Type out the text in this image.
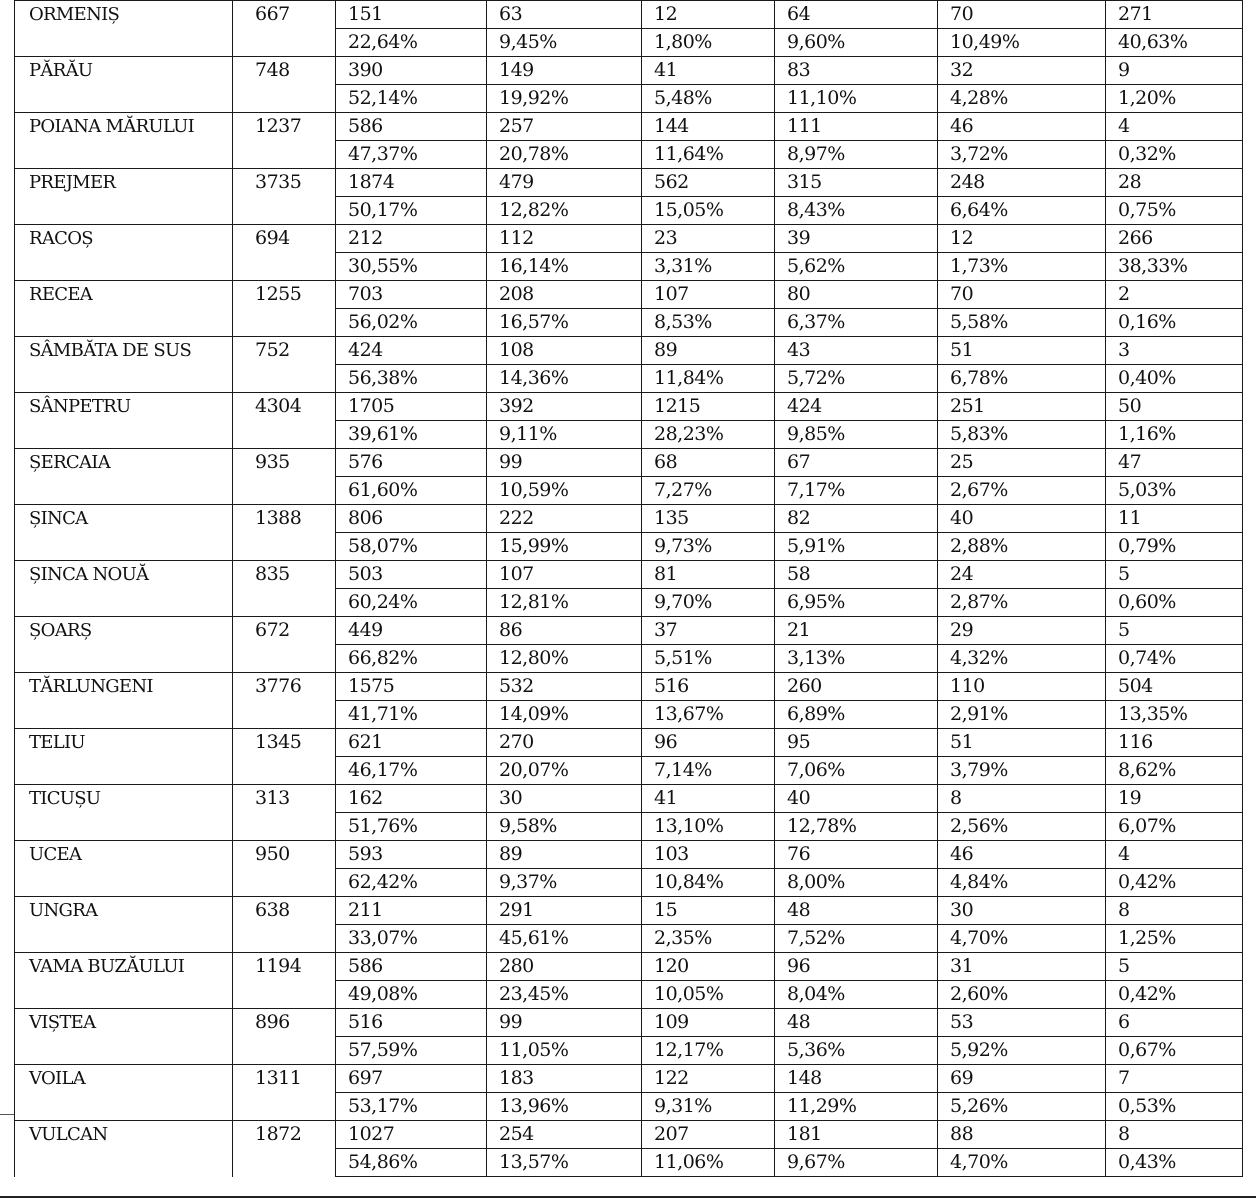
ORMENIȘ	667	151	63	12	64	70	271
		22,64%	9,45%	1,80%	9,60%	10,49%	40,63%
PĂRĂU	748	390	149	41	83	32	9
		52,14%	19,92%	5,48%	11,10%	4,28%	1,20%
POIANA MĂRULUI	1237	586	257	144	111	46	4
		47,37%	20,78%	11,64%	8,97%	3,72%	0,32%
PREJMER	3735	1874	479	562	315	248	28
		50,17%	12,82%	15,05%	8,43%	6,64%	0,75%
RACOȘ	694	212	112	23	39	12	266
		30,55%	16,14%	3,31%	5,62%	1,73%	38,33%
RECEA	1255	703	208	107	80	70	2
		56,02%	16,57%	8,53%	6,37%	5,58%	0,16%
SÂMBĂTA DE SUS	752	424	108	89	43	51	3
		56,38%	14,36%	11,84%	5,72%	6,78%	0,40%
SÂNPETRU	4304	1705	392	1215	424	251	50
		39,61%	9,11%	28,23%	9,85%	5,83%	1,16%
ȘERCAIA	935	576	99	68	67	25	47
		61,60%	10,59%	7,27%	7,17%	2,67%	5,03%
ȘINCA	1388	806	222	135	82	40	11
		58,07%	15,99%	9,73%	5,91%	2,88%	0,79%
ȘINCA NOUĂ	835	503	107	81	58	24	5
		60,24%	12,81%	9,70%	6,95%	2,87%	0,60%
ȘOARȘ	672	449	86	37	21	29	5
		66,82%	12,80%	5,51%	3,13%	4,32%	0,74%
TĂRLUNGENI	3776	1575	532	516	260	110	504
		41,71%	14,09%	13,67%	6,89%	2,91%	13,35%
TELIU	1345	621	270	96	95	51	116
		46,17%	20,07%	7,14%	7,06%	3,79%	8,62%
TICUȘU	313	162	30	41	40	8	19
		51,76%	9,58%	13,10%	12,78%	2,56%	6,07%
UCEA	950	593	89	103	76	46	4
		62,42%	9,37%	10,84%	8,00%	4,84%	0,42%
UNGRA	638	211	291	15	48	30	8
		33,07%	45,61%	2,35%	7,52%	4,70%	1,25%
VAMA BUZĂULUI	1194	586	280	120	96	31	5
		49,08%	23,45%	10,05%	8,04%	2,60%	0,42%
VIȘTEA	896	516	99	109	48	53	6
		57,59%	11,05%	12,17%	5,36%	5,92%	0,67%
VOILA	1311	697	183	122	148	69	7
		53,17%	13,96%	9,31%	11,29%	5,26%	0,53%
VULCAN	1872	1027	254	207	181	88	8
		54,86%	13,57%	11,06%	9,67%	4,70%	0,43%
